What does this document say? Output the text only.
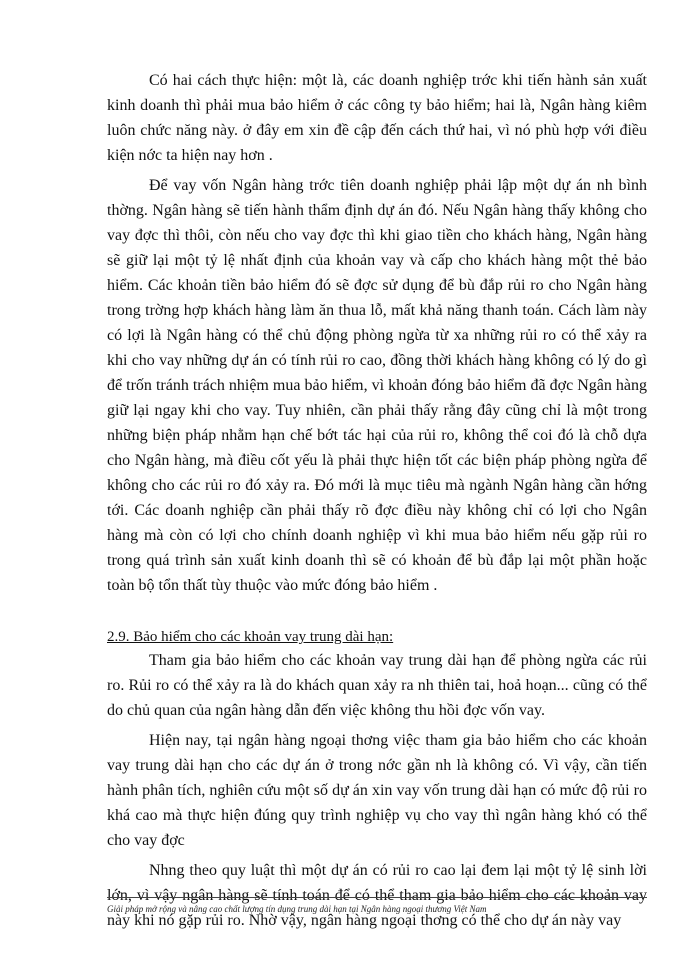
Có hai cách thực hiện: một là, các doanh nghiệp trớc khi tiến hành sản xuất kinh doanh thì phải mua bảo hiểm ở các công ty bảo hiểm; hai là, Ngân hàng kiêm luôn chức năng này. ở đây em xin đề cập đến cách thứ hai, vì nó phù hợp với điều kiện nớc ta hiện nay hơn .

Để vay vốn Ngân hàng trớc tiên doanh nghiệp phải lập một dự án nh bình thờng. Ngân hàng sẽ tiến hành thẩm định dự án đó. Nếu Ngân hàng thấy không cho vay đợc thì thôi, còn nếu cho vay đợc thì khi giao tiền cho khách hàng, Ngân hàng sẽ giữ lại một tỷ lệ nhất định của khoản vay và cấp cho khách hàng một thẻ bảo hiểm. Các khoản tiền bảo hiểm đó sẽ đợc sử dụng để bù đắp rủi ro cho Ngân hàng trong trờng hợp khách hàng làm ăn thua lỗ, mất khả năng thanh toán. Cách làm này có lợi là Ngân hàng có thể chủ động phòng ngừa từ xa những rủi ro có thể xảy ra khi cho vay những dự án có tính rủi ro cao, đồng thời khách hàng không có lý do gì để trốn tránh trách nhiệm mua bảo hiểm, vì khoản đóng bảo hiểm đã đợc Ngân hàng giữ lại ngay khi cho vay. Tuy nhiên, cần phải thấy rằng đây cũng chỉ là một trong những biện pháp nhằm hạn chế bớt tác hại của rủi ro, không thể coi đó là chỗ dựa cho Ngân hàng, mà điều cốt yếu là phải thực hiện tốt các biện pháp phòng ngừa để không cho các rủi ro đó xảy ra. Đó mới là mục tiêu mà ngành Ngân hàng cần hớng tới. Các doanh nghiệp cần phải thấy rõ đợc điều này không chỉ có lợi cho Ngân hàng mà còn có lợi cho chính doanh nghiệp vì khi mua bảo hiểm nếu gặp rủi ro trong quá trình sản xuất kinh doanh thì sẽ có khoản để bù đắp lại một phần hoặc toàn bộ tổn thất tùy thuộc vào mức đóng bảo hiểm .

2.9. Bảo hiểm cho các khoản vay trung dài hạn:

Tham gia bảo hiểm cho các khoản vay trung dài hạn để phòng ngừa các rủi ro. Rủi ro có thể xảy ra là do khách quan xảy ra nh thiên tai, hoả hoạn... cũng có thể do chủ quan của ngân hàng dẫn đến việc không thu hồi đợc vốn vay.

Hiện nay, tại ngân hàng ngoại thơng việc tham gia bảo hiểm cho các khoản vay trung dài hạn cho các dự án ở trong nớc gần nh là không có. Vì vậy, cần tiến hành phân tích, nghiên cứu một số dự án xin vay vốn trung dài hạn có mức độ rủi ro khá cao mà thực hiện đúng quy trình nghiệp vụ cho vay thì ngân hàng khó có thể cho vay đợc

Nhng theo quy luật thì một dự án có rủi ro cao lại đem lại một tỷ lệ sinh lời lớn, vì vậy ngân hàng sẽ tính toán để có thể tham gia bảo hiểm cho các khoản vay này khi nó gặp rủi ro. Nhờ vậy, ngân hàng ngoại thơng có thể cho dự án này vay

Giải pháp mở rộng và nâng cao chất lượng tín dụng trung dài hạn tại Ngân hàng ngoại thương Việt Nam
